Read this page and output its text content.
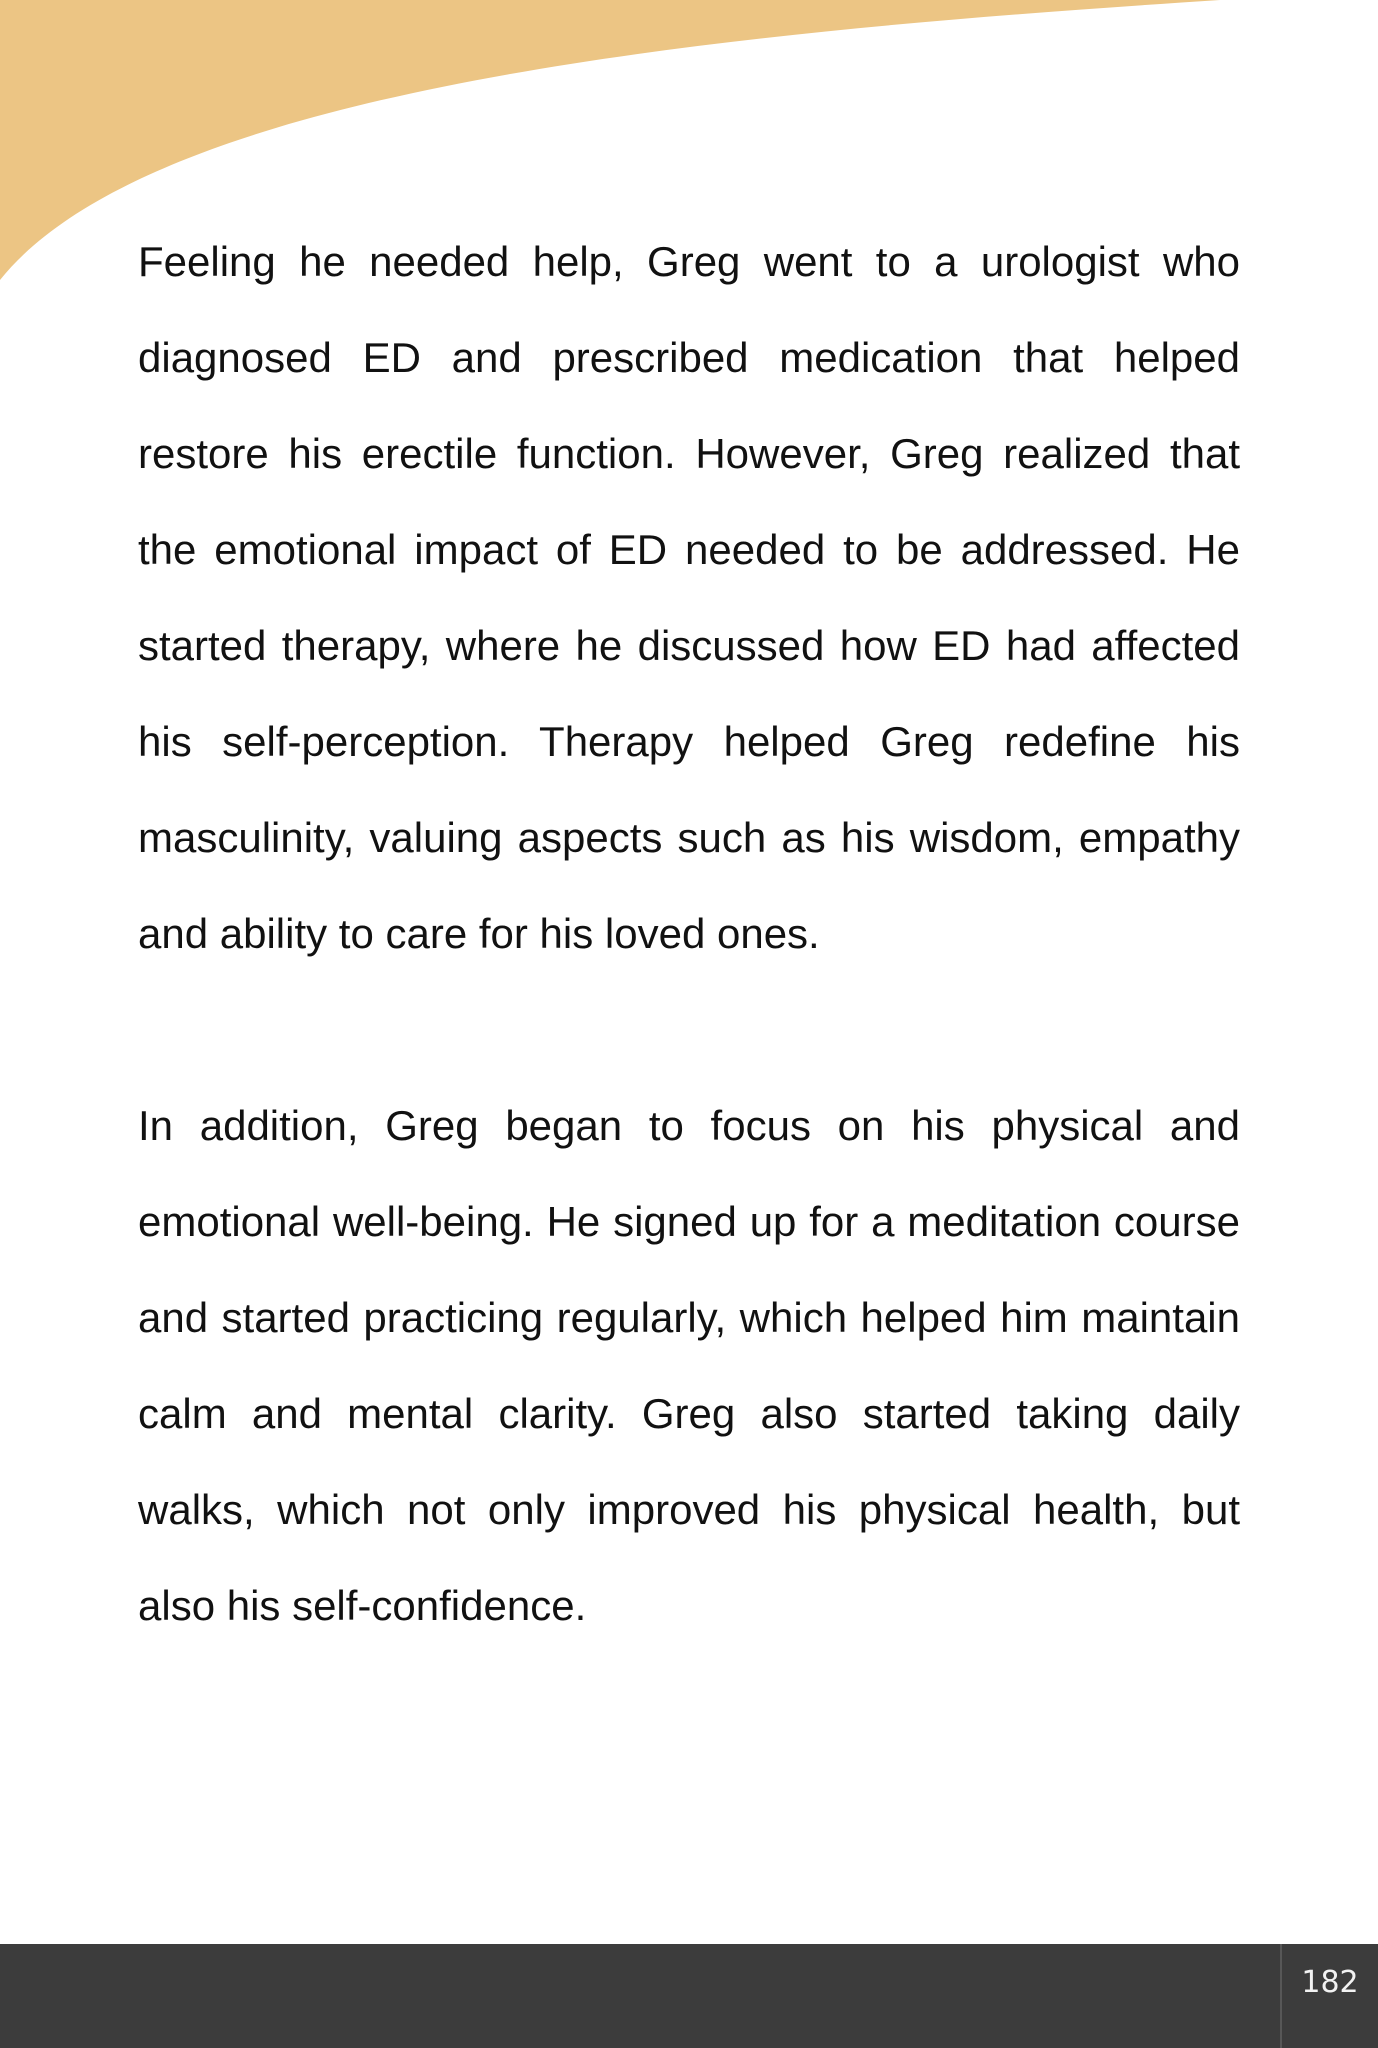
Feeling he needed help, Greg went to a urologist who diagnosed ED and prescribed medication that helped restore his erectile function. However, Greg realized that the emotional impact of ED needed to be addressed. He started therapy, where he discussed how ED had affected his self-perception. Therapy helped Greg redefine his masculinity, valuing aspects such as his wisdom, empathy and ability to care for his loved ones.

In addition, Greg began to focus on his physical and emotional well-being. He signed up for a meditation course and started practicing regularly, which helped him maintain calm and mental clarity. Greg also started taking daily walks, which not only improved his physical health, but also his self-confidence.

182
